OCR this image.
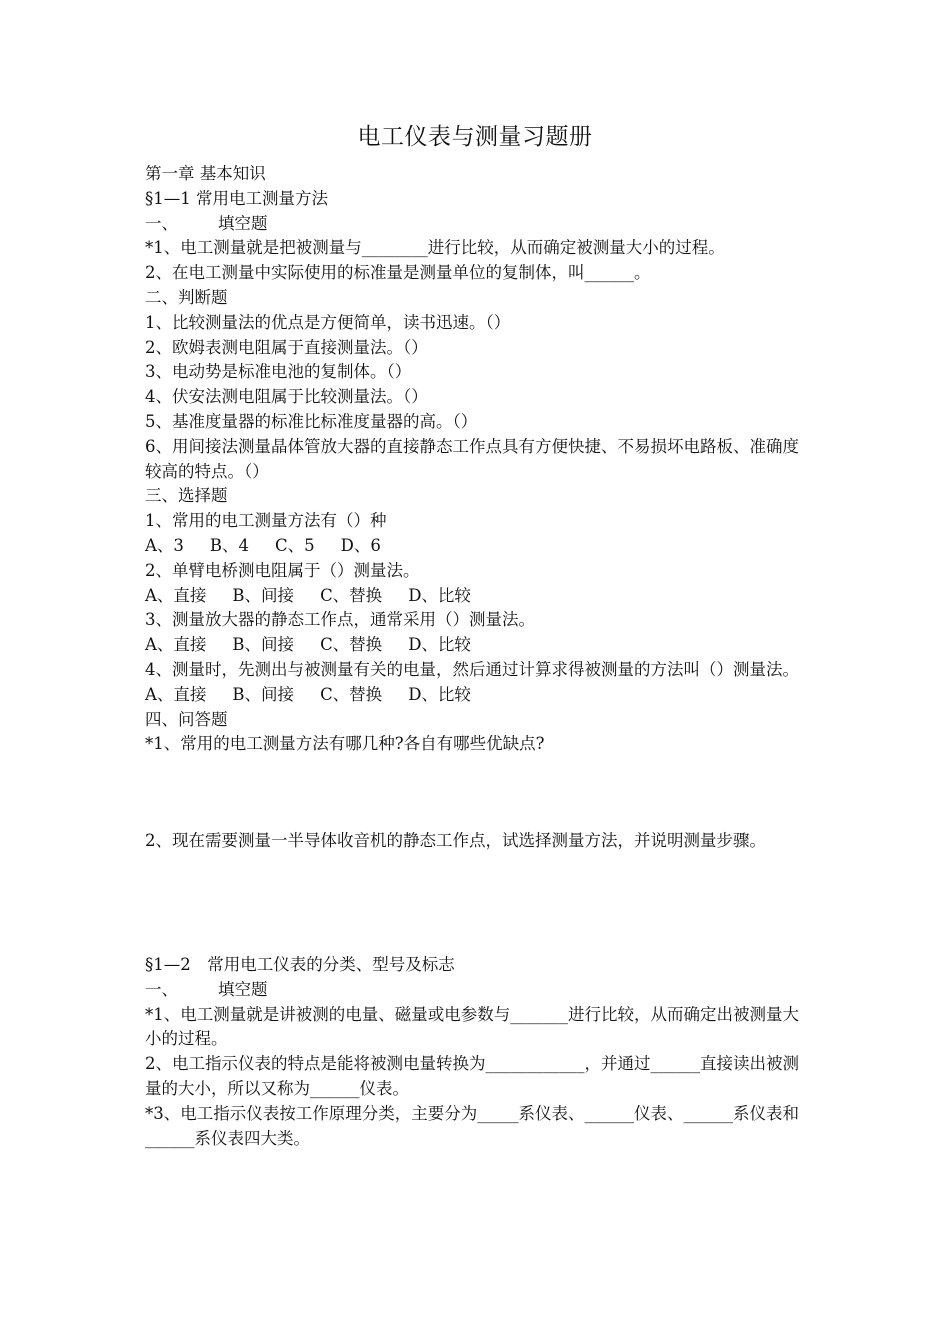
电工仪表与测量习题册
第一章 基本知识
§1—1 常用电工测量方法
一、 填空题
*1、电工测量就是把被测量与________进行比较，从而确定被测量大小的过程。
2、在电工测量中实际使用的标准量是测量单位的复制体，叫______。
二、判断题
1、比较测量法的优点是方便简单，读书迅速。（）
2、欧姆表测电阻属于直接测量法。（）
3、电动势是标准电池的复制体。（）
4、伏安法测电阻属于比较测量法。（）
5、基准度量器的标准比标准度量器的高。（）
6、用间接法测量晶体管放大器的直接静态工作点具有方便快捷、不易损坏电路板、准确度较高的特点。（）
三、选择题
1、常用的电工测量方法有（）种
A、3 B、4 C、5 D、6
2、单臂电桥测电阻属于（）测量法。
A、直接 B、间接 C、替换 D、比较
3、测量放大器的静态工作点，通常采用（）测量法。
A、直接 B、间接 C、替换 D、比较
4、测量时，先测出与被测量有关的电量，然后通过计算求得被测量的方法叫（）测量法。
A、直接 B、间接 C、替换 D、比较
四、问答题
*1、常用的电工测量方法有哪几种?各自有哪些优缺点?
2、现在需要测量一半导体收音机的静态工作点，试选择测量方法，并说明测量步骤。
§1—2　常用电工仪表的分类、型号及标志
一、 填空题
*1、电工测量就是讲被测的电量、磁量或电参数与_______进行比较，从而确定出被测量大小的过程。
2、电工指示仪表的特点是能将被测电量转换为____________，并通过______直接读出被测量的大小，所以又称为______仪表。
*3、电工指示仪表按工作原理分类，主要分为_____系仪表、______仪表、______系仪表和　　______系仪表四大类。
